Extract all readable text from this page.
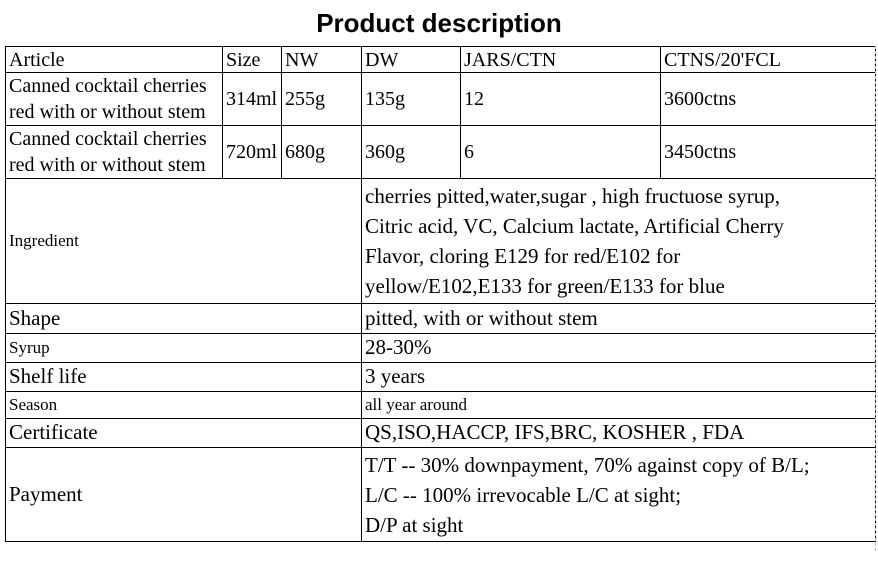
Product description
Article	Size	NW	DW	JARS/CTN	CTNS/20'FCL

Canned cocktail cherries
red with or without stem	314ml	255g	135g	12	3600ctns

Canned cocktail cherries
red with or without stem	720ml	680g	360g	6	3450ctns
Ingredient			cherries pitted,water,sugar , high fructuose syrup,
Citric acid, VC, Calcium lactate, Artificial Cherry
Flavor, cloring E129 for red/E102 for
yellow/E102,E133 for green/E133 for blue		

Shape			pitted, with or without stem		
Syrup			28-30%		
Shelf life			3 years		
Season			all year around		
Certificate			QS,ISO,HACCP, IFS,BRC, KOSHER , FDA		
Payment			T/T -- 30% downpayment, 70% against copy of B/L;
L/C -- 100% irrevocable L/C at sight;
D/P at sight		
